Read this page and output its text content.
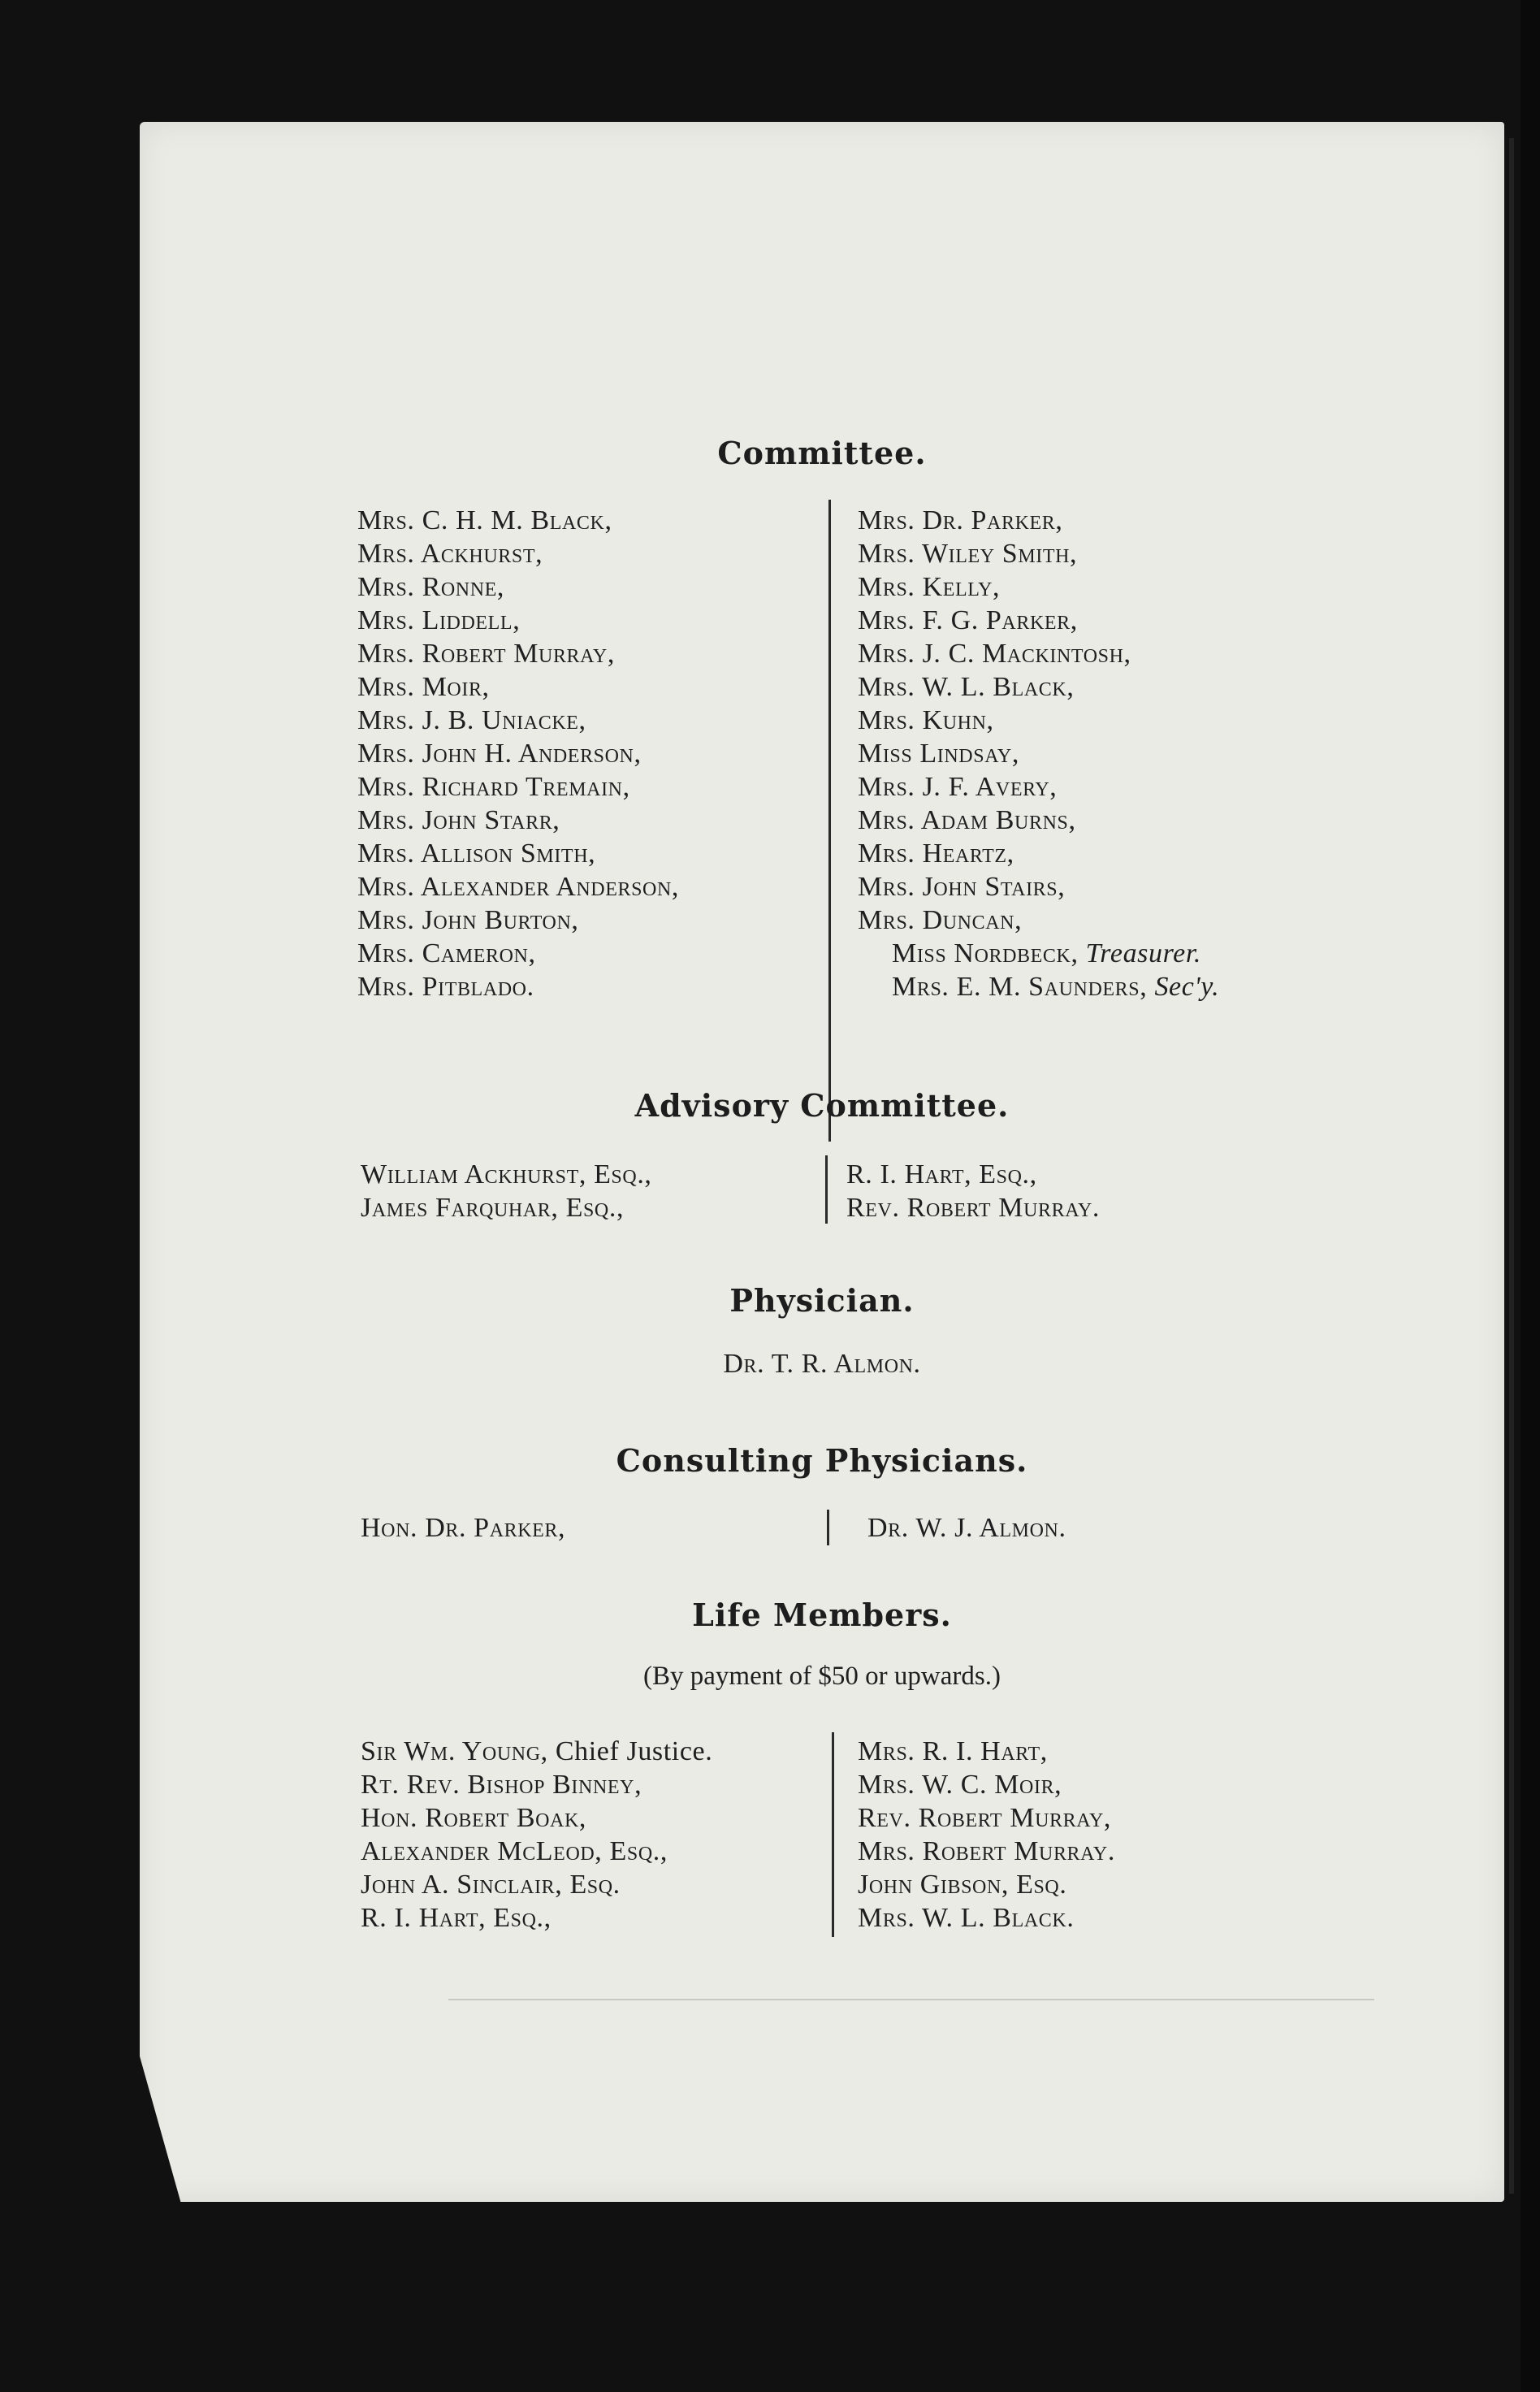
Committee.
Mrs. C. H. M. Black,
Mrs. Ackhurst,
Mrs. Ronne,
Mrs. Liddell,
Mrs. Robert Murray,
Mrs. Moir,
Mrs. J. B. Uniacke,
Mrs. John H. Anderson,
Mrs. Richard Tremain,
Mrs. John Starr,
Mrs. Allison Smith,
Mrs. Alexander Anderson,
Mrs. John Burton,
Mrs. Cameron,
Mrs. Pitblado.
Mrs. Dr. Parker,
Mrs. Wiley Smith,
Mrs. Kelly,
Mrs. F. G. Parker,
Mrs. J. C. Mackintosh,
Mrs. W. L. Black,
Mrs. Kuhn,
Miss Lindsay,
Mrs. J. F. Avery,
Mrs. Adam Burns,
Mrs. Heartz,
Mrs. John Stairs,
Mrs. Duncan,
Miss Nordbeck, Treasurer.
Mrs. E. M. Saunders, Sec'y.
Advisory Committee.
William Ackhurst, Esq.,
James Farquhar, Esq.,
R. I. Hart, Esq.,
Rev. Robert Murray.
Physician.
Dr. T. R. Almon.
Consulting Physicians.
Hon. Dr. Parker,	Dr. W. J. Almon.
Life Members.
(By payment of $50 or upwards.)
Sir Wm. Young, Chief Justice.
Rt. Rev. Bishop Binney,
Hon. Robert Boak,
Alexander McLeod, Esq.,
John A. Sinclair, Esq.
R. I. Hart, Esq.,
Mrs. R. I. Hart,
Mrs. W. C. Moir,
Rev. Robert Murray,
Mrs. Robert Murray.
John Gibson, Esq.
Mrs. W. L. Black.
